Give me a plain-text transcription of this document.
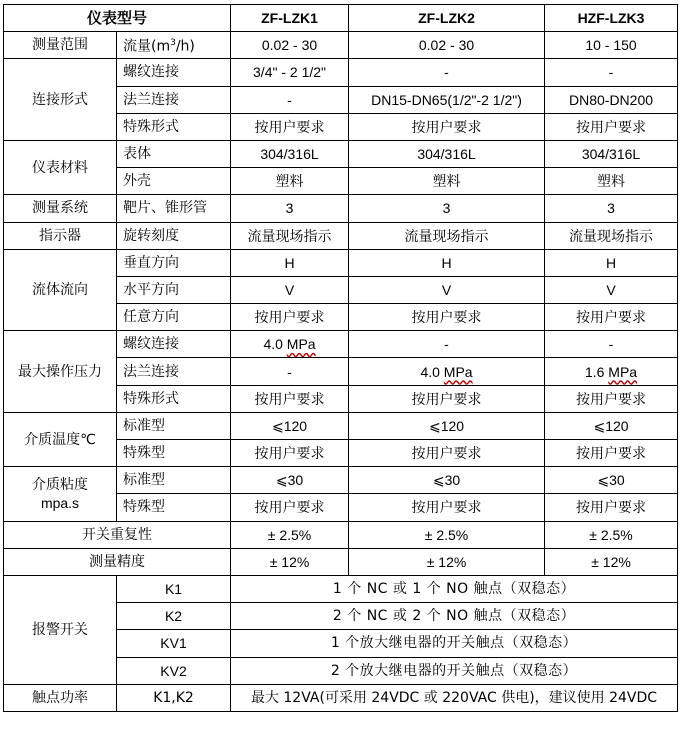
仪表型号		ZF-LZK1	ZF-LZK2	HZF-LZK3
测量范围	流量$(m^3/h)$	0.02 - 30	0.02 - 30	10 - 150
连接形式	螺纹连接	3/4" - 2 1/2"	-	-
	法兰连接	-	DN15-DN65(1/2"-2 1/2")	DN80-DN200
	特殊形式	按用户要求	按用户要求	按用户要求
仪表材料	表体	304/316L	304/316L	304/316L
	外壳	塑料	塑料	塑料
测量系统	靶片、锥形管	3	3	3
指示器	旋转刻度	流量现场指示	流量现场指示	流量现场指示
流体流向	垂直方向	H	H	H
	水平方向	V	V	V
	任意方向	按用户要求	按用户要求	按用户要求
最大操作压力	螺纹连接	4.0 MPa	-	-
	法兰连接	-	4.0 MPa	1.6 MPa
	特殊形式	按用户要求	按用户要求	按用户要求
介质温度℃	标准型	⩽120	⩽120	⩽120
	特殊型	按用户要求	按用户要求	按用户要求

介质粘度
mpa.s	标准型	⩽30	⩽30	⩽30
	特殊型	按用户要求	按用户要求	按用户要求
开关重复性		± 2.5%	± 2.5%	± 2.5%
测量精度		± 12%	± 12%	± 12%
报警开关	K1	1 个 NC 或 1 个 NO 触点（双稳态）		
	K2	2 个 NC 或 2 个 NO 触点（双稳态）		
	KV1	1 个放大继电器的开关触点（双稳态）		
	KV2	2 个放大继电器的开关触点（双稳态）		
触点功率	K1,K2	最大 12VA(可采用 24VDC 或 220VAC 供电)，建议使用 24VDC		
